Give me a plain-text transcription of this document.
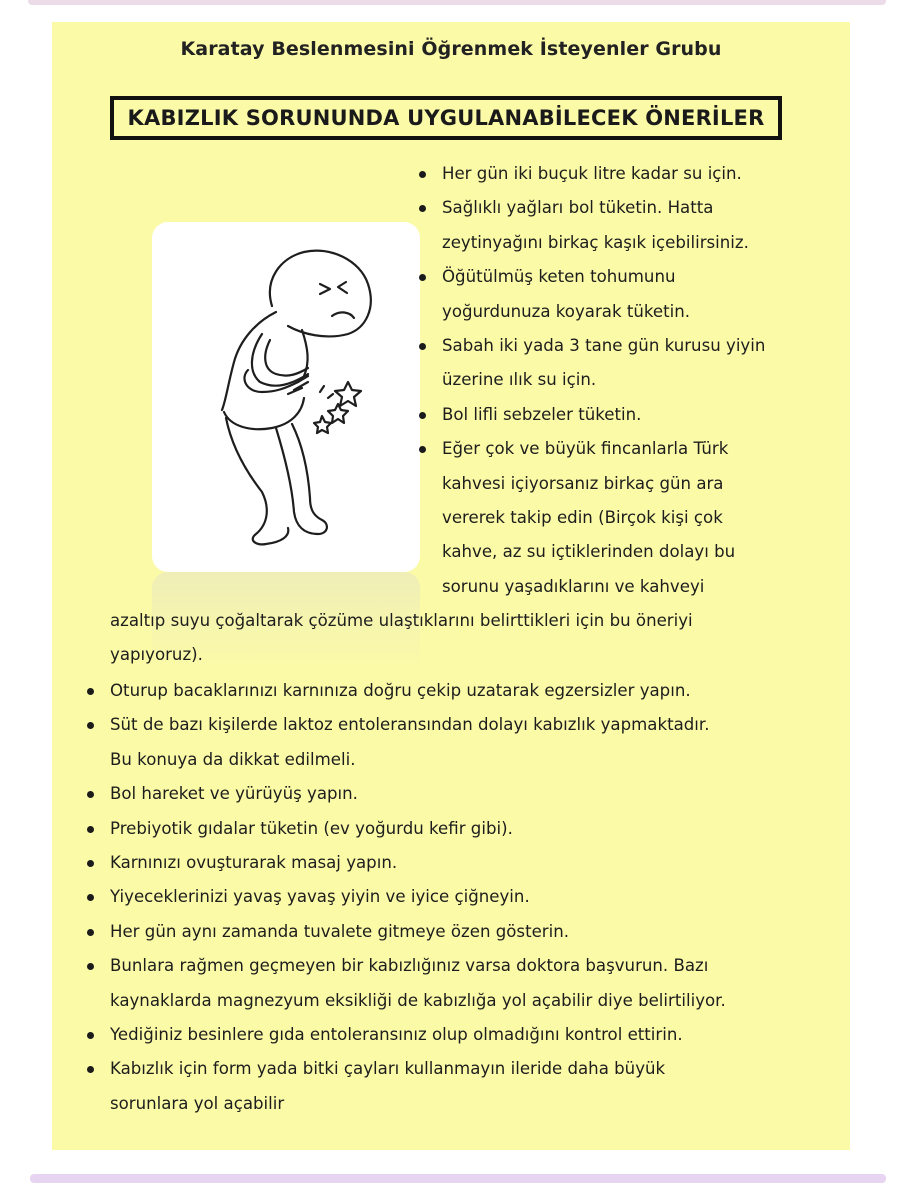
Karatay Beslenmesini Öğrenmek İsteyenler Grubu
KABIZLIK SORUNUNDA UYGULANABİLECEK ÖNERİLER
Her gün iki buçuk litre kadar su için.
Sağlıklı yağları bol tüketin. Hatta
zeytinyağını birkaç kaşık içebilirsiniz.
Öğütülmüş keten tohumunu
yoğurdunuza koyarak tüketin.
Sabah iki yada 3 tane gün kurusu yiyin
üzerine ılık su için.
Bol lifli sebzeler tüketin.
Eğer çok ve büyük fincanlarla Türk
kahvesi içiyorsanız birkaç gün ara
vererek takip edin (Birçok kişi çok
kahve, az su içtiklerinden dolayı bu
sorunu yaşadıklarını ve kahveyi
azaltıp suyu çoğaltarak çözüme ulaştıklarını belirttikleri için bu öneriyi
yapıyoruz).
Oturup bacaklarınızı karnınıza doğru çekip uzatarak egzersizler yapın.
Süt de bazı kişilerde laktoz entoleransından dolayı kabızlık yapmaktadır.
Bu konuya da dikkat edilmeli.
Bol hareket ve yürüyüş yapın.
Prebiyotik gıdalar tüketin (ev yoğurdu kefir gibi).
Karnınızı ovuşturarak masaj yapın.
Yiyeceklerinizi yavaş yavaş yiyin ve iyice çiğneyin.
Her gün aynı zamanda tuvalete gitmeye özen gösterin.
Bunlara rağmen geçmeyen bir kabızlığınız varsa doktora başvurun. Bazı
kaynaklarda magnezyum eksikliği de kabızlığa yol açabilir diye belirtiliyor.
Yediğiniz besinlere gıda entoleransınız olup olmadığını kontrol ettirin.
Kabızlık için form yada bitki çayları kullanmayın ileride daha büyük
sorunlara yol açabilir
